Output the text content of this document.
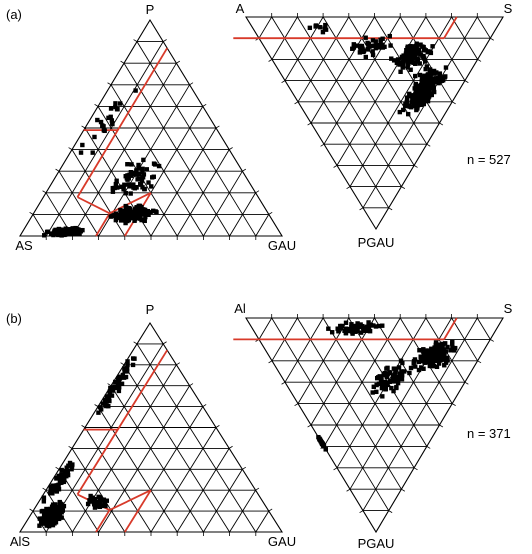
(a)	P
AS	GAU
A	S
PGAU
n = 527
(b)
P
AlS	GAU
Al	S
PGAU
n = 371
